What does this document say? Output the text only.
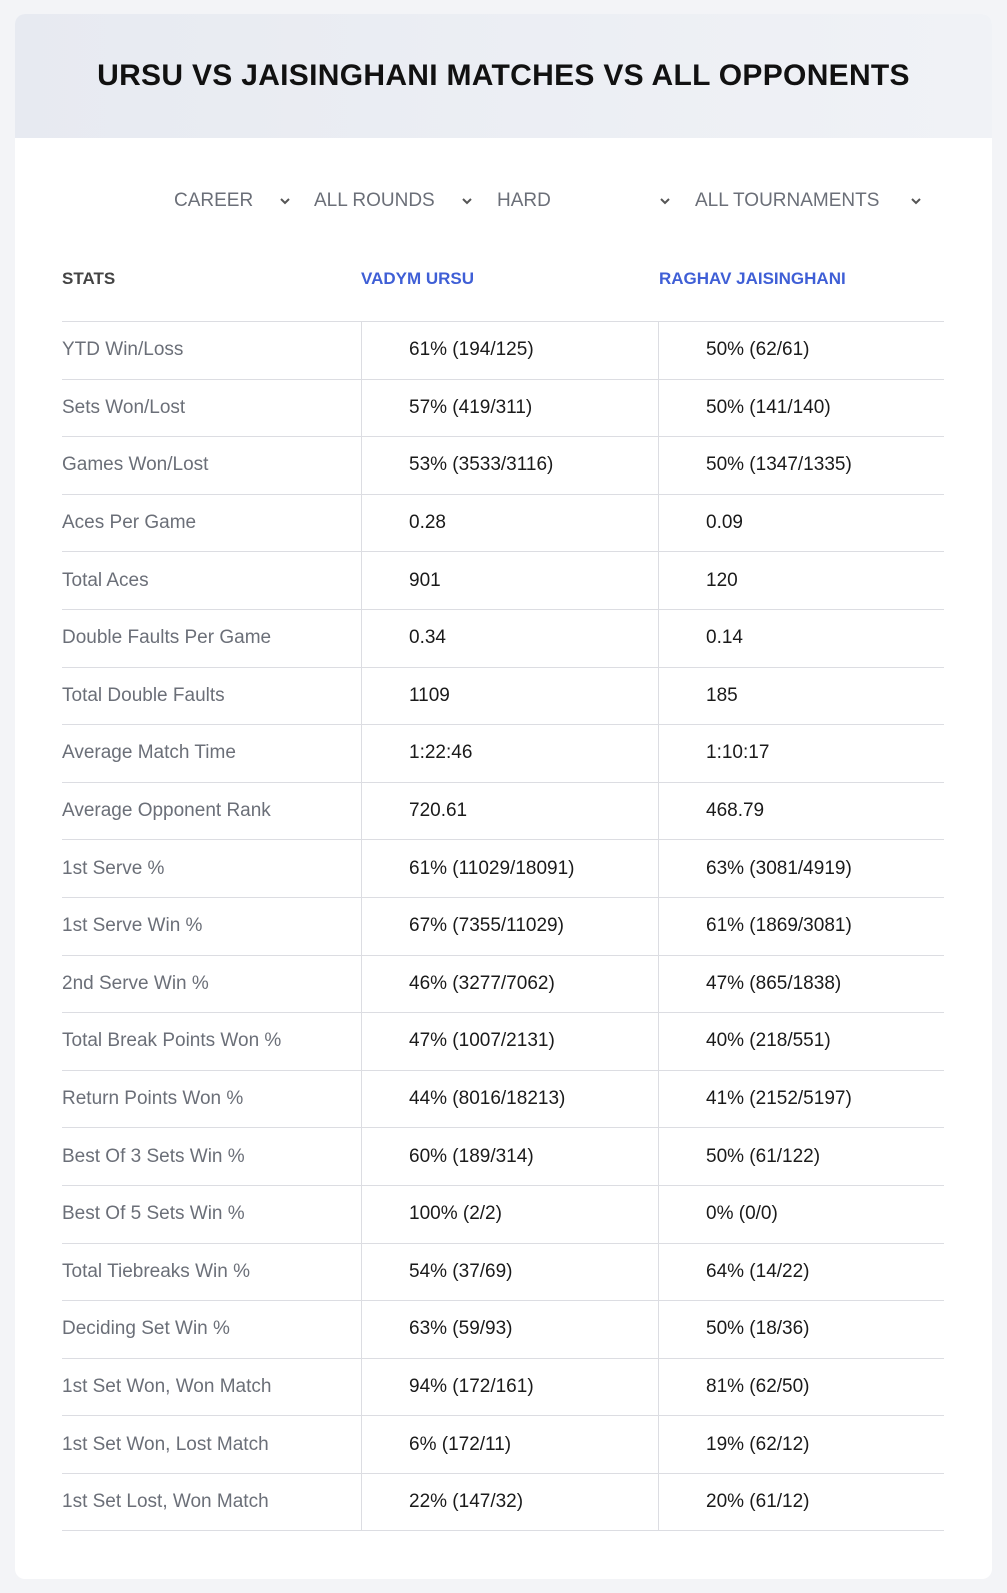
URSU VS JAISINGHANI MATCHES VS ALL OPPONENTS
CAREER	ALL ROUNDS	HARD	ALL TOURNAMENTS
STATS	VADYM URSU	RAGHAV JAISINGHANI
YTD Win/Loss	61% (194/125)	50% (62/61)
Sets Won/Lost	57% (419/311)	50% (141/140)
Games Won/Lost	53% (3533/3116)	50% (1347/1335)
Aces Per Game	0.28	0.09
Total Aces	901	120
Double Faults Per Game	0.34	0.14
Total Double Faults	1109	185
Average Match Time	1:22:46	1:10:17
Average Opponent Rank	720.61	468.79
1st Serve %	61% (11029/18091)	63% (3081/4919)
1st Serve Win %	67% (7355/11029)	61% (1869/3081)
2nd Serve Win %	46% (3277/7062)	47% (865/1838)
Total Break Points Won %	47% (1007/2131)	40% (218/551)
Return Points Won %	44% (8016/18213)	41% (2152/5197)
Best Of 3 Sets Win %	60% (189/314)	50% (61/122)
Best Of 5 Sets Win %	100% (2/2)	0% (0/0)
Total Tiebreaks Win %	54% (37/69)	64% (14/22)
Deciding Set Win %	63% (59/93)	50% (18/36)
1st Set Won, Won Match	94% (172/161)	81% (62/50)
1st Set Won, Lost Match	6% (172/11)	19% (62/12)
1st Set Lost, Won Match	22% (147/32)	20% (61/12)
